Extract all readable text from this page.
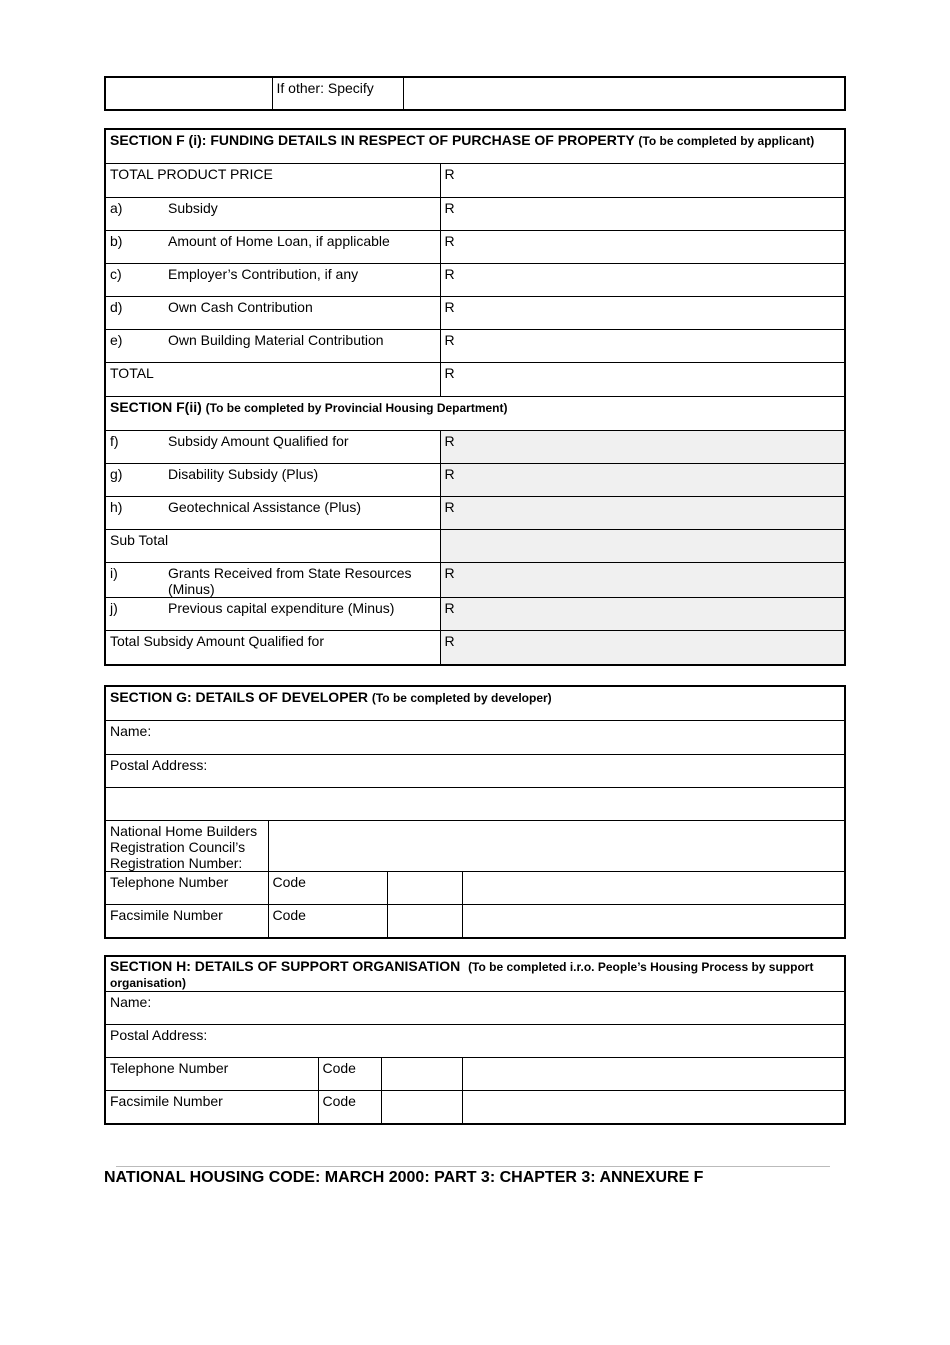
	If other: Specify	
SECTION F (i): FUNDING DETAILS IN RESPECT OF PURCHASE OF PROPERTY (To be completed by applicant)	
TOTAL PRODUCT PRICE	R
a) Subsidy	R
b) Amount of Home Loan, if applicable	R
c) Employer’s Contribution, if any	R
d) Own Cash Contribution	R
e) Own Building Material Contribution	R
TOTAL	R
SECTION F(ii) (To be completed by Provincial Housing Department)	
f) Subsidy Amount Qualified for	R
g) Disability Subsidy (Plus)	R
h) Geotechnical Assistance (Plus)	R
Sub Total	
i) Grants Received from State Resources (Minus)	R
j) Previous capital expenditure (Minus)	R
Total Subsidy Amount Qualified for	R
SECTION G: DETAILS OF DEVELOPER (To be completed by developer)			
Name:			
Postal Address:			

National Home Builders Registration Council’s Registration Number:			
Telephone Number	Code		
Facsimile Number	Code		
SECTION H: DETAILS OF SUPPORT ORGANISATION (To be completed i.r.o. People’s Housing Process by support organisation)			
Name:			
Postal Address:			
Telephone Number	Code		
Facsimile Number	Code		
NATIONAL HOUSING CODE: MARCH 2000: PART 3: CHAPTER 3: ANNEXURE F
